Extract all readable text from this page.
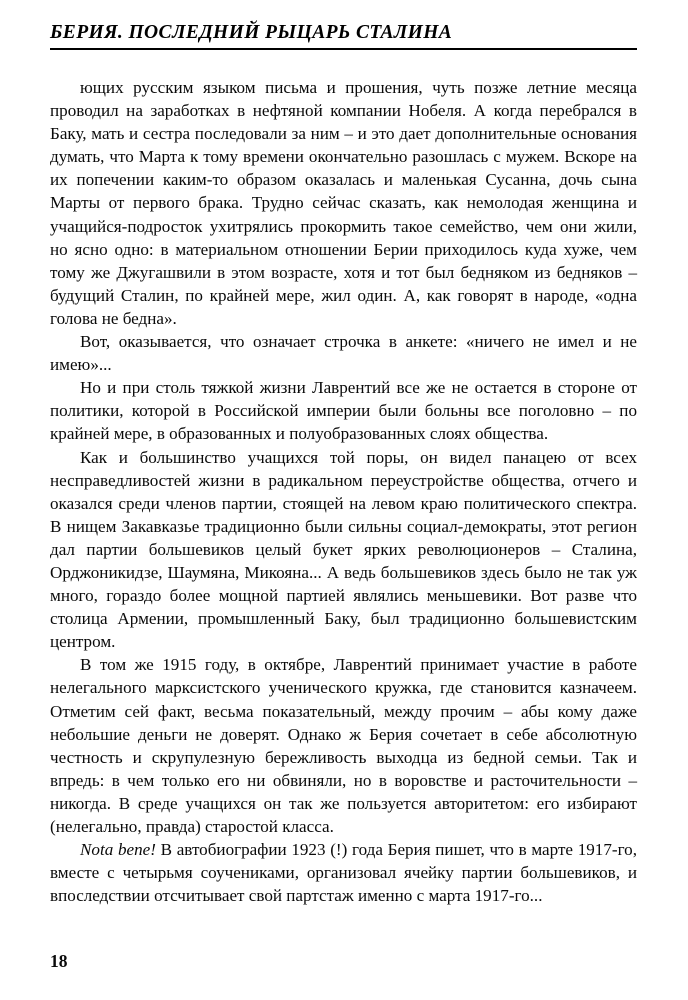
БЕРИЯ. ПОСЛЕДНИЙ РЫЦАРЬ СТАЛИНА

ющих русским языком письма и прошения, чуть позже летние месяца проводил на заработках в нефтяной компании Нобеля. А когда перебрался в Баку, мать и сестра последовали за ним – и это дает дополнительные основания думать, что Марта к тому времени окончательно разошлась с мужем. Вскоре на их попечении каким-то образом оказалась и маленькая Сусанна, дочь сына Марты от первого брака. Трудно сейчас сказать, как немолодая женщина и учащийся-подросток ухитрялись прокормить такое семейство, чем они жили, но ясно одно: в материальном отношении Берии приходилось куда хуже, чем тому же Джугашвили в этом возрасте, хотя и тот был бедняком из бедняков – будущий Сталин, по крайней мере, жил один. А, как говорят в народе, «одна голова не бедна».

Вот, оказывается, что означает строчка в анкете: «ничего не имел и не имею»...

Но и при столь тяжкой жизни Лаврентий все же не остается в стороне от политики, которой в Российской империи были больны все поголовно – по крайней мере, в образованных и полуобразованных слоях общества.

Как и большинство учащихся той поры, он видел панацею от всех несправедливостей жизни в радикальном переустройстве общества, отчего и оказался среди членов партии, стоящей на левом краю политического спектра. В нищем Закавказье традиционно были сильны социал-демократы, этот регион дал партии большевиков целый букет ярких революционеров – Сталина, Орджоникидзе, Шаумяна, Микояна... А ведь большевиков здесь было не так уж много, гораздо более мощной партией являлись меньшевики. Вот разве что столица Армении, промышленный Баку, был традиционно большевистским центром.

В том же 1915 году, в октябре, Лаврентий принимает участие в работе нелегального марксистского ученического кружка, где становится казначеем. Отметим сей факт, весьма показательный, между прочим – абы кому даже небольшие деньги не доверят. Однако ж Берия сочетает в себе абсолютную честность и скрупулезную бережливость выходца из бедной семьи. Так и впредь: в чем только его ни обвиняли, но в воровстве и расточительности – никогда. В среде учащихся он так же пользуется авторитетом: его избирают (нелегально, правда) старостой класса.

Nota bene! В автобиографии 1923 (!) года Берия пишет, что в марте 1917-го, вместе с четырьмя соучениками, организовал ячейку партии большевиков, и впоследствии отсчитывает свой партстаж именно с марта 1917-го...

18
